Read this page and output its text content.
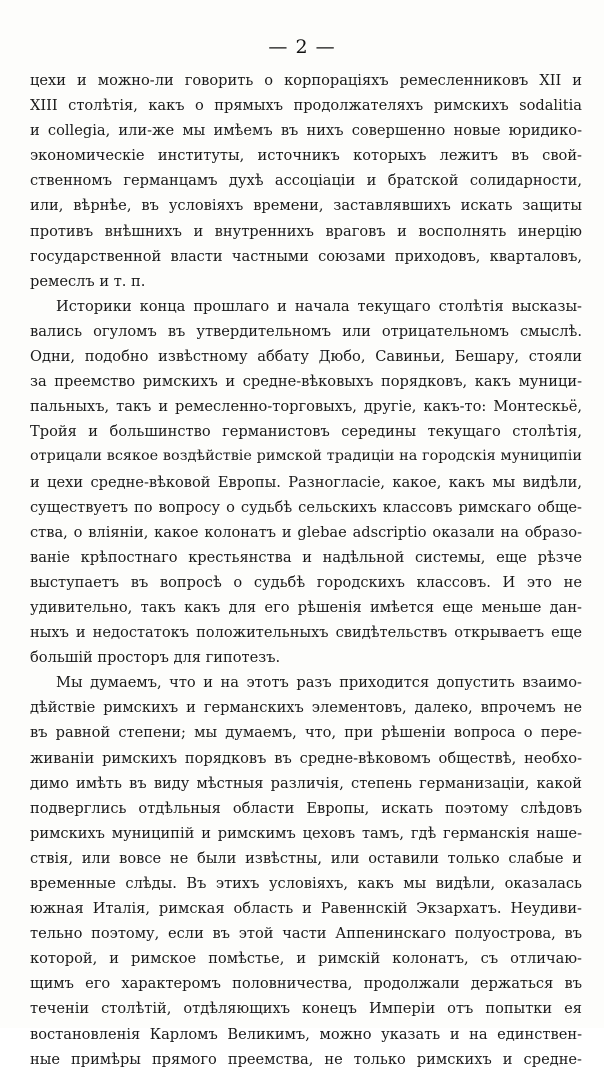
— 2 —
цехи и можно-ли говорить о корпорацiяхъ ремесленниковъ XII и
XIII столѣтiя, какъ о прямыхъ продолжателяхъ римскихъ sodalitia
и collegia, или-же мы имѣемъ въ нихъ совершенно новые юридико-
экономическiе институты, источникъ которыхъ лежитъ въ свой-
ственномъ германцамъ духѣ ассоцiацiи и братской солидарности,
или, вѣрнѣе, въ условiяхъ времени, заставлявшихъ искать защиты
противъ внѣшнихъ и внутреннихъ враговъ и восполнять инерцiю
государственной власти частными союзами приходовъ, кварталовъ,
ремеслъ и т. п.
Историки конца прошлаго и начала текущаго столѣтiя высказы-
вались огуломъ въ утвердительномъ или отрицательномъ смыслѣ.
Одни, подобно извѣстному аббату Дюбо, Савиньи, Бешару, стояли
за преемство римскихъ и средне-вѣковыхъ порядковъ, какъ муници-
пальныхъ, такъ и ремесленно-торговыхъ, другiе, какъ-то: Монтескьё,
Тройя и большинство германистовъ середины текущаго столѣтiя,
отрицали всякое воздѣйствiе римской традицiи на городскiя муниципiи
и цехи средне-вѣковой Европы. Разногласiе, какое, какъ мы видѣли,
существуетъ по вопросу о судьбѣ сельскихъ классовъ римскаго обще-
ства, о влiянiи, какое колонатъ и glebae adscriptio оказали на образо-
ванiе крѣпостнаго крестьянства и надѣльной системы, еще рѣзче
выступаетъ въ вопросѣ о судьбѣ городскихъ классовъ. И это не
удивительно, такъ какъ для его рѣшенiя имѣется еще меньше дан-
ныхъ и недостатокъ положительныхъ свидѣтельствъ открываетъ еще
большiй просторъ для гипотезъ.
Мы думаемъ, что и на этотъ разъ приходится допустить взаимо-
дѣйствiе римскихъ и германскихъ элементовъ, далеко, впрочемъ не
въ равной степени; мы думаемъ, что, при рѣшенiи вопроса о пере-
живанiи римскихъ порядковъ въ средне-вѣковомъ обществѣ, необхо-
димо имѣть въ виду мѣстныя различiя, степень германизацiи, какой
подверглись отдѣльныя области Европы, искать поэтому слѣдовъ
римскихъ муниципiй и римскимъ цеховъ тамъ, гдѣ германскiя наше-
ствiя, или вовсе не были извѣстны, или оставили только слабые и
временные слѣды. Въ этихъ условiяхъ, какъ мы видѣли, оказалась
южная Италiя, римская область и Равеннскiй Экзархатъ. Неудиви-
тельно поэтому, если въ этой части Аппенинскаго полуострова, въ
которой, и римское помѣстье, и римскiй колонатъ, съ отличаю-
щимъ его характеромъ половничества, продолжали держаться въ
теченiи столѣтiй, отдѣляющихъ конецъ Имперiи отъ попытки ея
востановленiя Карломъ Великимъ, можно указать и на единствен-
ные примѣры прямого преемства, не только римскихъ и средне-
